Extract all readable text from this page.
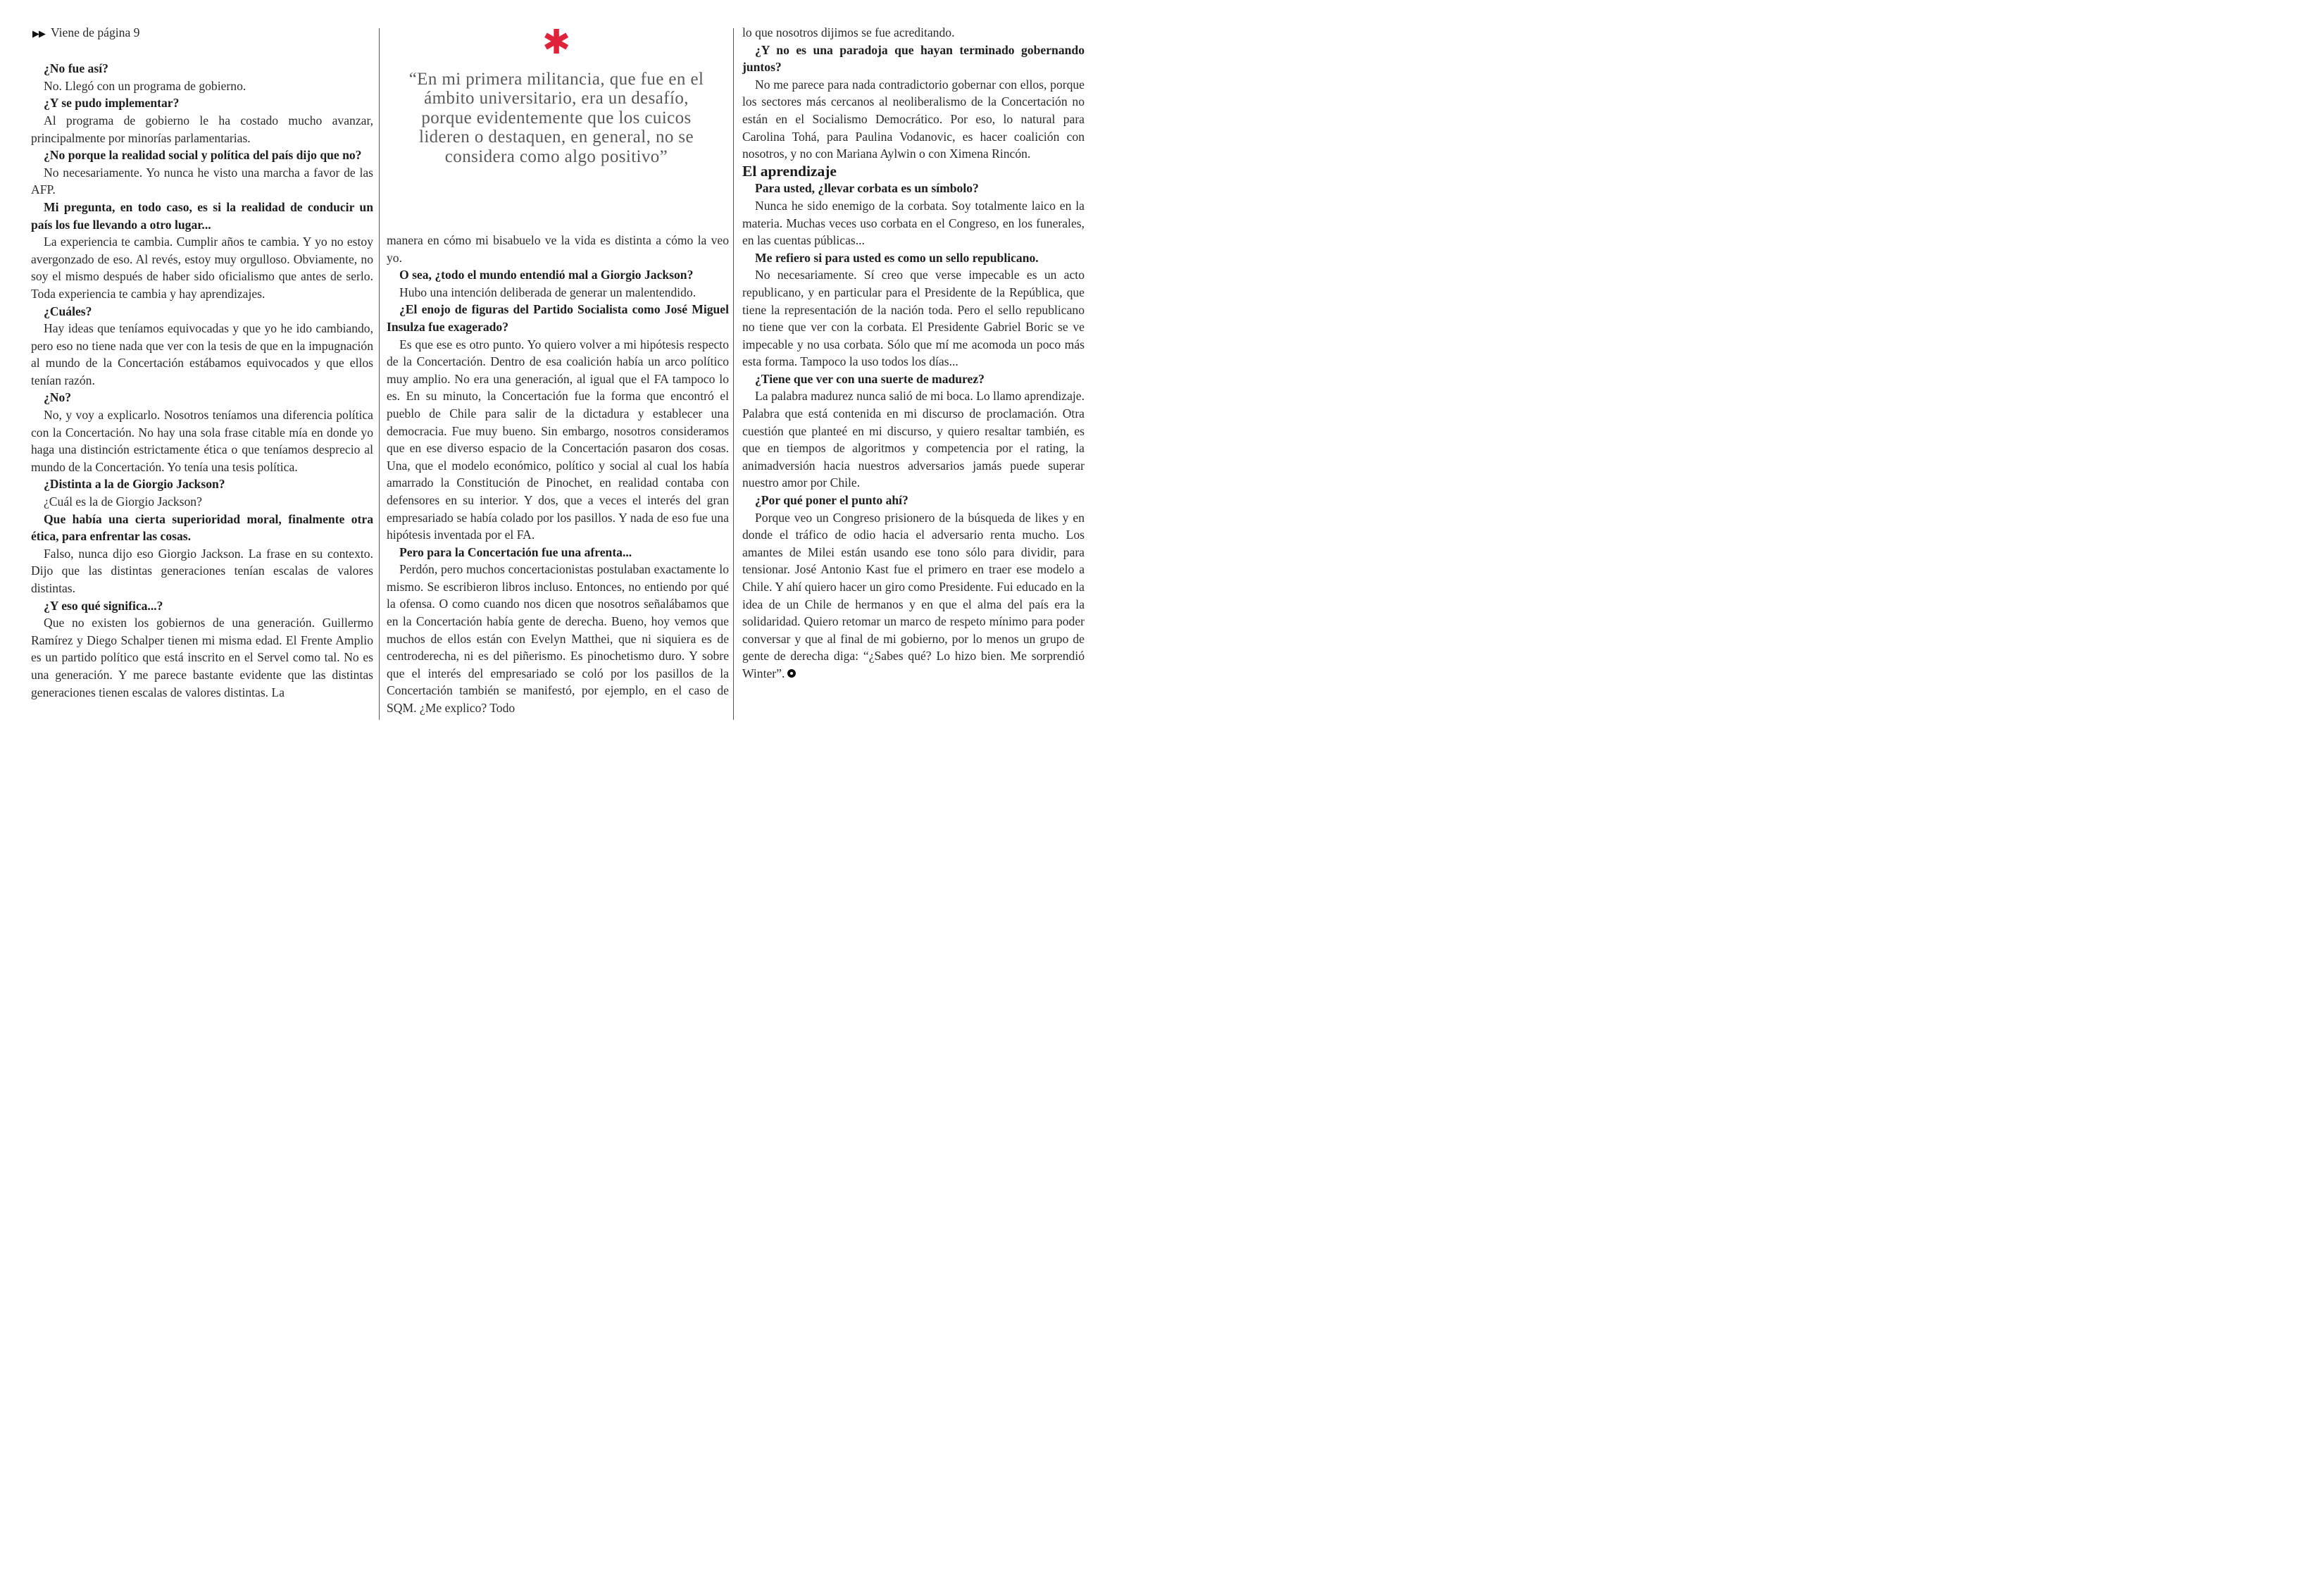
▶▶ Viene de página 9

¿No fue así?

No. Llegó con un programa de gobierno.

¿Y se pudo implementar?

Al programa de gobierno le ha costado mucho avanzar, principalmente por minorías parlamentarias.

¿No porque la realidad social y política del país dijo que no?

No necesariamente. Yo nunca he visto una marcha a favor de las AFP.

Mi pregunta, en todo caso, es si la realidad de conducir un país los fue llevando a otro lugar...

La experiencia te cambia. Cumplir años te cambia. Y yo no estoy avergonzado de eso. Al revés, estoy muy orgulloso. Obviamente, no soy el mismo después de haber sido oficialismo que antes de serlo. Toda experiencia te cambia y hay aprendizajes.

¿Cuáles?

Hay ideas que teníamos equivocadas y que yo he ido cambiando, pero eso no tiene nada que ver con la tesis de que en la impugnación al mundo de la Concertación estábamos equivocados y que ellos tenían razón.

¿No?

No, y voy a explicarlo. Nosotros teníamos una diferencia política con la Concertación. No hay una sola frase citable mía en donde yo haga una distinción estrictamente ética o que teníamos desprecio al mundo de la Concertación. Yo tenía una tesis política.

¿Distinta a la de Giorgio Jackson?

¿Cuál es la de Giorgio Jackson?

Que había una cierta superioridad moral, finalmente otra ética, para enfrentar las cosas.

Falso, nunca dijo eso Giorgio Jackson. La frase en su contexto. Dijo que las distintas generaciones tenían escalas de valores distintas.

¿Y eso qué significa...?

Que no existen los gobiernos de una generación. Guillermo Ramírez y Diego Schalper tienen mi misma edad. El Frente Amplio es un partido político que está inscrito en el Servel como tal. No es una generación. Y me parece bastante evidente que las distintas generaciones tienen escalas de valores distintas. La

✱
“En mi primera militancia, que fue en el ámbito universitario, era un desafío, porque evidentemente que los cuicos lideren o destaquen, en general, no se considera como algo positivo”

manera en cómo mi bisabuelo ve la vida es distinta a cómo la veo yo.

O sea, ¿todo el mundo entendió mal a Giorgio Jackson?

Hubo una intención deliberada de generar un malentendido.

¿El enojo de figuras del Partido Socialista como José Miguel Insulza fue exagerado?

Es que ese es otro punto. Yo quiero volver a mi hipótesis respecto de la Concertación. Dentro de esa coalición había un arco político muy amplio. No era una generación, al igual que el FA tampoco lo es. En su minuto, la Concertación fue la forma que encontró el pueblo de Chile para salir de la dictadura y establecer una democracia. Fue muy bueno. Sin embargo, nosotros consideramos que en ese diverso espacio de la Concertación pasaron dos cosas. Una, que el modelo económico, político y social al cual los había amarrado la Constitución de Pinochet, en realidad contaba con defensores en su interior. Y dos, que a veces el interés del gran empresariado se había colado por los pasillos. Y nada de eso fue una hipótesis inventada por el FA.

Pero para la Concertación fue una afrenta...

Perdón, pero muchos concertacionistas postulaban exactamente lo mismo. Se escribieron libros incluso. Entonces, no entiendo por qué la ofensa. O como cuando nos dicen que nosotros señalábamos que en la Concertación había gente de derecha. Bueno, hoy vemos que muchos de ellos están con Evelyn Matthei, que ni siquiera es de centroderecha, ni es del piñerismo. Es pinochetismo duro. Y sobre que el interés del empresariado se coló por los pasillos de la Concertación también se manifestó, por ejemplo, en el caso de SQM. ¿Me explico? Todo

lo que nosotros dijimos se fue acreditando.

¿Y no es una paradoja que hayan terminado gobernando juntos?

No me parece para nada contradictorio gobernar con ellos, porque los sectores más cercanos al neoliberalismo de la Concertación no están en el Socialismo Democrático. Por eso, lo natural para Carolina Tohá, para Paulina Vodanovic, es hacer coalición con nosotros, y no con Mariana Aylwin o con Ximena Rincón.

El aprendizaje

Para usted, ¿llevar corbata es un símbolo?

Nunca he sido enemigo de la corbata. Soy totalmente laico en la materia. Muchas veces uso corbata en el Congreso, en los funerales, en las cuentas públicas...

Me refiero si para usted es como un sello republicano.

No necesariamente. Sí creo que verse impecable es un acto republicano, y en particular para el Presidente de la República, que tiene la representación de la nación toda. Pero el sello republicano no tiene que ver con la corbata. El Presidente Gabriel Boric se ve impecable y no usa corbata. Sólo que mí me acomoda un poco más esta forma. Tampoco la uso todos los días...

¿Tiene que ver con una suerte de madurez?

La palabra madurez nunca salió de mi boca. Lo llamo aprendizaje. Palabra que está contenida en mi discurso de proclamación. Otra cuestión que planteé en mi discurso, y quiero resaltar también, es que en tiempos de algoritmos y competencia por el rating, la animadversión hacia nuestros adversarios jamás puede superar nuestro amor por Chile.

¿Por qué poner el punto ahí?

Porque veo un Congreso prisionero de la búsqueda de likes y en donde el tráfico de odio hacia el adversario renta mucho. Los amantes de Milei están usando ese tono sólo para dividir, para tensionar. José Antonio Kast fue el primero en traer ese modelo a Chile. Y ahí quiero hacer un giro como Presidente. Fui educado en la idea de un Chile de hermanos y en que el alma del país era la solidaridad. Quiero retomar un marco de respeto mínimo para poder conversar y que al final de mi gobierno, por lo menos un grupo de gente de derecha diga: “¿Sabes qué? Lo hizo bien. Me sorprendió Winter”.
